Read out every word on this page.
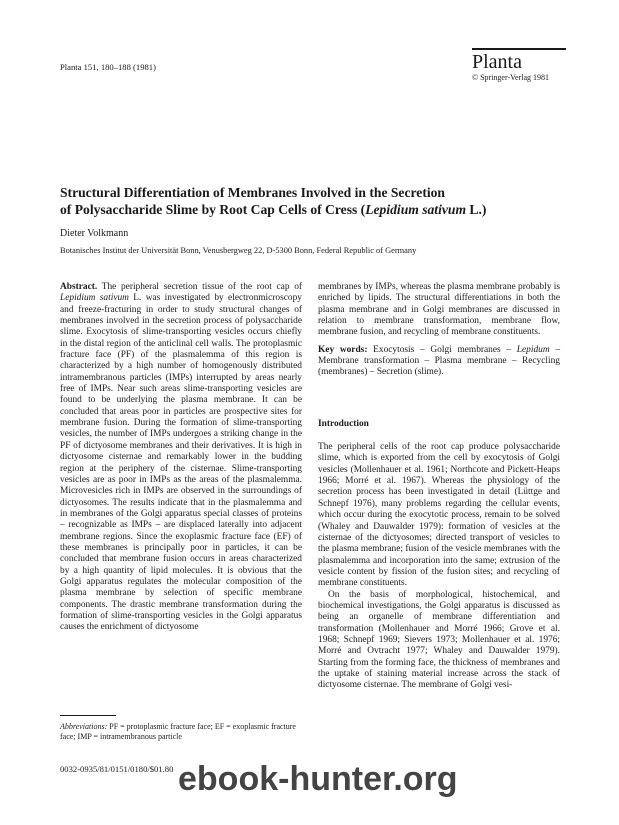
Planta 151, 180–188 (1981)	Planta
© Springer-Verlag 1981
Structural Differentiation of Membranes Involved in the Secretion
of Polysaccharide Slime by Root Cap Cells of Cress (Lepidium sativum L.)
Dieter Volkmann
Botanisches Institut der Universität Bonn, Venusbergweg 22, D-5300 Bonn, Federal Republic of Germany

Abstract. The peripheral secretion tissue of the root cap of Lepidium sativum L. was investigated by electronmicroscopy and freeze-fracturing in order to study structural changes of membranes involved in the secretion process of polysaccharide slime. Exocytosis of slime-transporting vesicles occurs chiefly in the distal region of the anticlinal cell walls. The protoplasmic fracture face (PF) of the plasmalemma of this region is characterized by a high number of homogenously distributed intramembranous particles (IMPs) interrupted by areas nearly free of IMPs. Near such areas slime-transporting vesicles are found to be underlying the plasma membrane. It can be concluded that areas poor in particles are prospective sites for membrane fusion. During the formation of slime-transporting vesicles, the number of IMPs undergoes a striking change in the PF of dictyosome membranes and their derivatives. It is high in dictyosome cisternae and remarkably lower in the budding region at the periphery of the cisternae. Slime-transporting vesicles are as poor in IMPs as the areas of the plasmalemma. Microvesicles rich in IMPs are observed in the surroundings of dictyosomes. The results indicate that in the plasmalemma and in membranes of the Golgi apparatus special classes of proteins – recognizable as IMPs – are displaced laterally into adjacent membrane regions. Since the exoplasmic fracture face (EF) of these membranes is principally poor in particles, it can be concluded that membrane fusion occurs in areas characterized by a high quantity of lipid molecules. It is obvious that the Golgi apparatus regulates the molecular composition of the plasma membrane by selection of specific membrane components. The drastic membrane transformation during the formation of slime-transporting vesicles in the Golgi apparatus causes the enrichment of dictyosome

membranes by IMPs, whereas the plasma membrane probably is enriched by lipids. The structural differentiations in both the plasma membrane and in Golgi membranes are discussed in relation to membrane transformation, membrane flow, membrane fusion, and recycling of membrane constituents.

Key words: Exocytosis – Golgi membranes – Lepidum – Membrane transformation – Plasma membrane – Recycling (membranes) – Secretion (slime).

Introduction

The peripheral cells of the root cap produce polysaccharide slime, which is exported from the cell by exocytosis of Golgi vesicles (Mollenhauer et al. 1961; Northcote and Pickett-Heaps 1966; Morré et al. 1967). Whereas the physiology of the secretion process has been investigated in detail (Lüttge and Schnepf 1976), many problems regarding the cellular events, which occur during the exocytotic process, remain to be solved (Whaley and Dauwalder 1979): formation of vesicles at the cisternae of the dictyosomes; directed transport of vesicles to the plasma membrane; fusion of the vesicle membranes with the plasmalemma and incorporation into the same; extrusion of the vesicle content by fission of the fusion sites; and recycling of membrane constituents.

On the basis of morphological, histochemical, and biochemical investigations, the Golgi apparatus is discussed as being an organelle of membrane differentiation and transformation (Mollenhauer and Morré 1966; Grove et al. 1968; Schnepf 1969; Sievers 1973; Mollenhauer et al. 1976; Morré and Ovtracht 1977; Whaley and Dauwalder 1979). Starting from the forming face, the thickness of membranes and the uptake of staining material increase across the stack of dictyosome cisternae. The membrane of Golgi vesi-

Abbreviations: PF = protoplasmic fracture face; EF = exoplasmic fracture face; IMP = intramembranous particle
0032-0935/81/0151/0180/$01.80 ebook-hunter.org
